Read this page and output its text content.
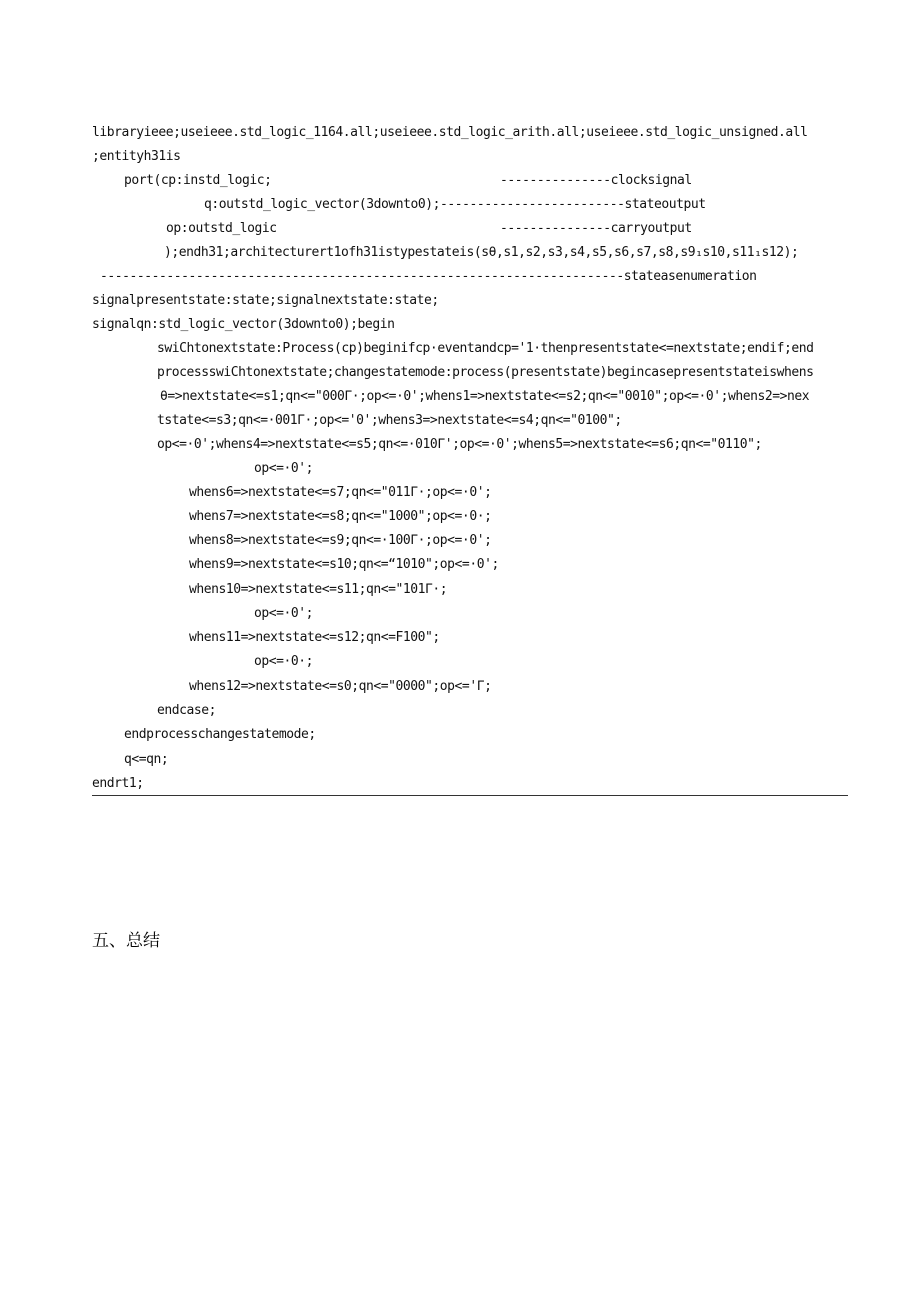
libraryieee;useieee.std_logic_1164.all;useieee.std_logic_arith.all;useieee.std_logic_unsigned.all
;entityh31is
port(cp:instd_logic;	---------------clocksignal
q:outstd_logic_vector(3downto0);-------------------------stateoutput
op:outstd_logic	---------------carryoutput
);endh31;architecturert1ofh31istypestateis(sθ,s1,s2,s3,s4,s5,s6,s7,s8,s9₁s10,s11₁s12);
-----------------------------------------------------------------------stateasenumeration
signalpresentstate:state;signalnextstate:state;
signalqn:std_logic_vector(3downto0);begin
swiChtonextstate:Process(cp)beginifcp·eventandcp='1·thenpresentstate<=nextstate;endif;end
processswiChtonextstate;changestatemode:process(presentstate)begincasepresentstateiswhens
θ=>nextstate<=s1;qn<="000Γ·;op<=·0';whens1=>nextstate<=s2;qn<="0010";op<=·0';whens2=>nex
tstate<=s3;qn<=·001Γ·;op<='0';whens3=>nextstate<=s4;qn<="0100";
op<=·0';whens4=>nextstate<=s5;qn<=·010Γ';op<=·0';whens5=>nextstate<=s6;qn<="0110";
op<=·0';
whens6=>nextstate<=s7;qn<="011Γ·;op<=·0';
whens7=>nextstate<=s8;qn<="1000";op<=·0·;
whens8=>nextstate<=s9;qn<=·100Γ·;op<=·0';
whens9=>nextstate<=s10;qn<=“1010";op<=·0';
whens10=>nextstate<=s11;qn<="101Γ·;
op<=·0';
whens11=>nextstate<=s12;qn<=F100";
op<=·0·;
whens12=>nextstate<=s0;qn<="0000";op<='Γ;
endcase;
endprocesschangestatemode;
q<=qn;
endrt1;
五、总结
